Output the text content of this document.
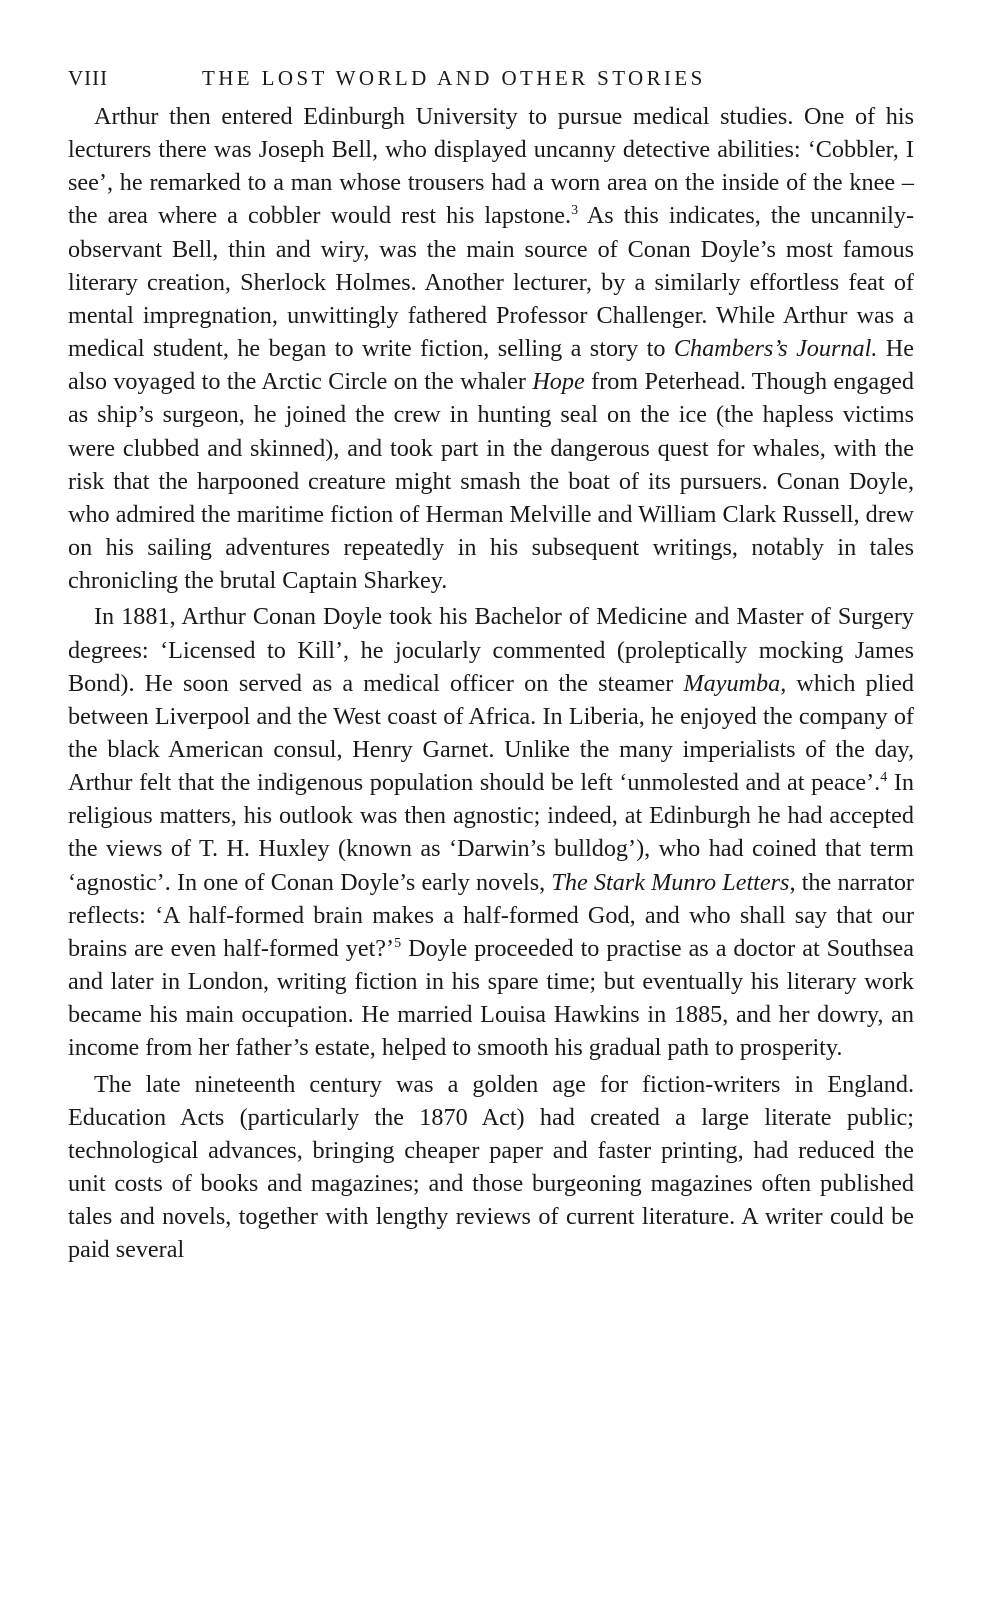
VIII	THE LOST WORLD AND OTHER STORIES

Arthur then entered Edinburgh University to pursue medical studies. One of his lecturers there was Joseph Bell, who displayed uncanny detective abilities: ‘Cobbler, I see’, he remarked to a man whose trousers had a worn area on the inside of the knee – the area where a cobbler would rest his lapstone.$^3$ As this indicates, the uncannily-observant Bell, thin and wiry, was the main source of Conan Doyle’s most famous literary creation, Sherlock Holmes. Another lecturer, by a similarly effortless feat of mental impregnation, unwittingly fathered Professor Challenger. While Arthur was a medical student, he began to write fiction, selling a story to Chambers’s Journal. He also voyaged to the Arctic Circle on the whaler Hope from Peterhead. Though engaged as ship’s surgeon, he joined the crew in hunting seal on the ice (the hapless victims were clubbed and skinned), and took part in the dangerous quest for whales, with the risk that the harpooned creature might smash the boat of its pursuers. Conan Doyle, who admired the maritime fiction of Herman Melville and William Clark Russell, drew on his sailing adventures repeatedly in his subsequent writings, notably in tales chronicling the brutal Captain Sharkey.

In 1881, Arthur Conan Doyle took his Bachelor of Medicine and Master of Surgery degrees: ‘Licensed to Kill’, he jocularly commented (proleptically mocking James Bond). He soon served as a medical officer on the steamer Mayumba, which plied between Liverpool and the West coast of Africa. In Liberia, he enjoyed the company of the black American consul, Henry Garnet. Unlike the many imperialists of the day, Arthur felt that the indigenous population should be left ‘unmolested and at peace’.$^4$ In religious matters, his outlook was then agnostic; indeed, at Edinburgh he had accepted the views of T. H. Huxley (known as ‘Darwin’s bulldog’), who had coined that term ‘agnostic’. In one of Conan Doyle’s early novels, The Stark Munro Letters, the narrator reflects: ‘A half-formed brain makes a half-formed God, and who shall say that our brains are even half-formed yet?’$^5$ Doyle proceeded to practise as a doctor at Southsea and later in London, writing fiction in his spare time; but eventually his literary work became his main occupation. He married Louisa Hawkins in 1885, and her dowry, an income from her father’s estate, helped to smooth his gradual path to prosperity.

The late nineteenth century was a golden age for fiction-writers in England. Education Acts (particularly the 1870 Act) had created a large literate public; technological advances, bringing cheaper paper and faster printing, had reduced the unit costs of books and magazines; and those burgeoning magazines often published tales and novels, together with lengthy reviews of current literature. A writer could be paid several
